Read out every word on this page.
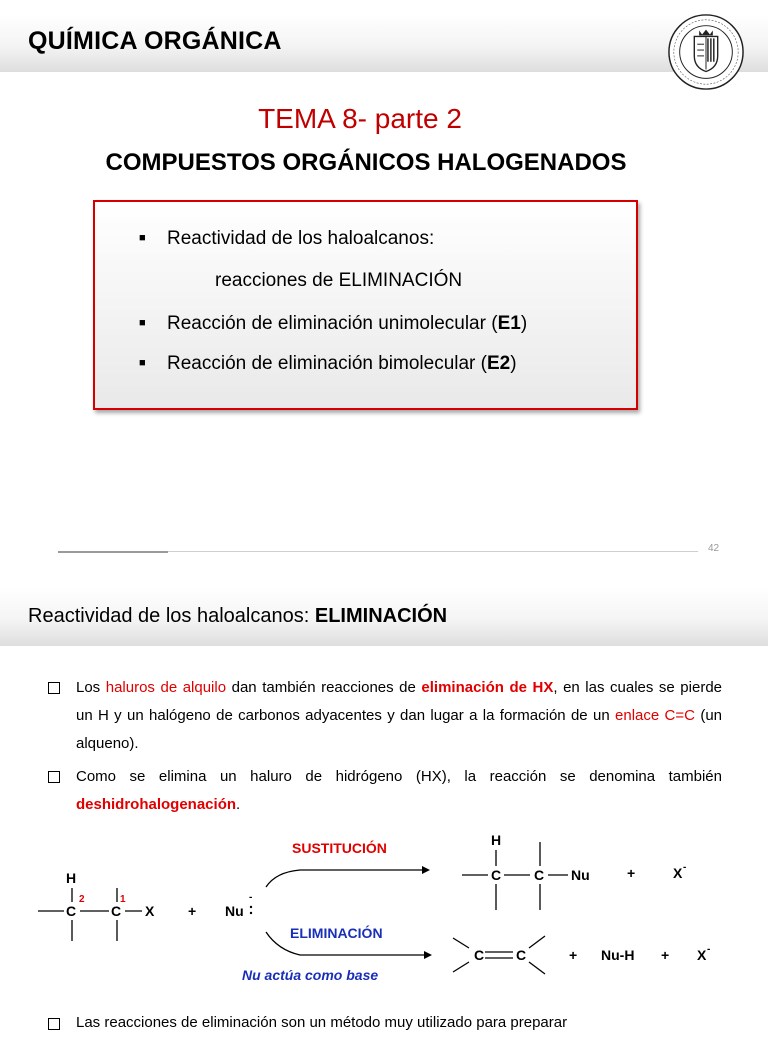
QUÍMICA ORGÁNICA
TEMA 8- parte 2
COMPUESTOS ORGÁNICOS HALOGENADOS
■ Reactividad de los haloalcanos:
reacciones de ELIMINACIÓN
■ Reacción de eliminación unimolecular (E1)
■ Reacción de eliminación bimolecular (E2)
42
Reactividad de los haloalcanos: ELIMINACIÓN
Los haluros de alquilo dan también reacciones de eliminación de HX, en las cuales se pierde un H y un halógeno de carbonos adyacentes y dan lugar a la formación de un enlace C=C (un alqueno).
Como se elimina un haluro de hidrógeno (HX), la reacción se denomina también deshidrohalogenación.
H
C C X + Nu
SUSTITUCIÓN
ELIMINACIÓN
Nu actúa como base
H
C C Nu	+	X
C C	+ Nu-H + X
2	1	-
-
-
Las reacciones de eliminación son un método muy utilizado para preparar
